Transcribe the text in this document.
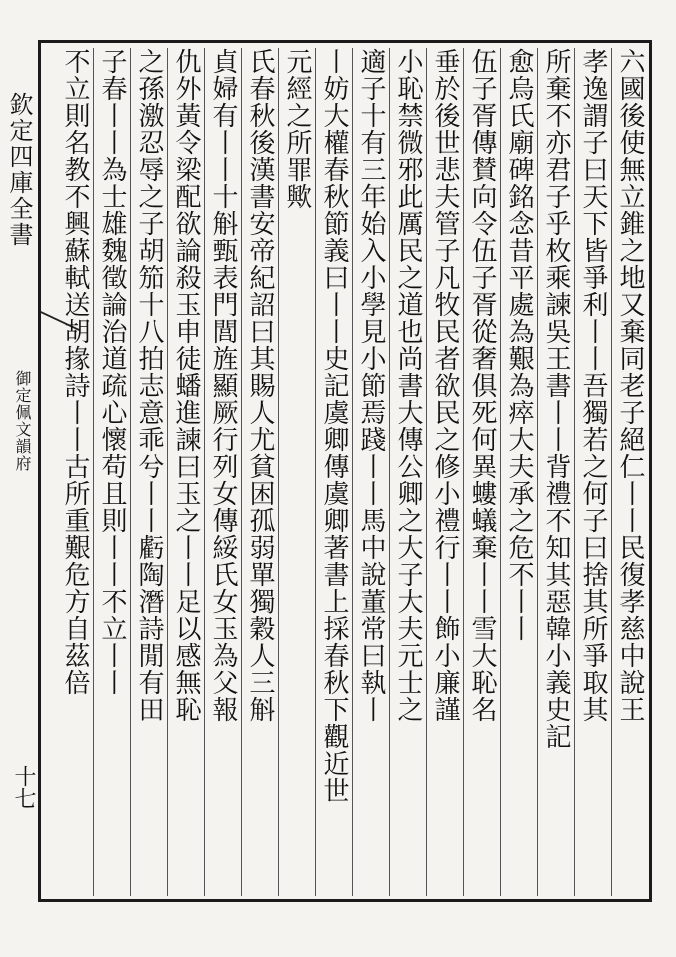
欽定四庫全書
御定佩文韻府
十七
六國後使無立錐之地又棄同老子絕仁丨丨民復孝慈中說王
孝逸謂子曰天下皆爭利丨丨吾獨若之何子曰捨其所爭取其
所棄不亦君子乎枚乘諫吳王書丨丨背禮不知其惡韓小義史記
愈烏氏廟碑銘念昔平處為艱為瘁大夫承之危不丨丨
伍子胥傳賛向令伍子胥從奢俱死何異螻蟻棄丨丨雪大恥名
垂於後世悲夫管子凡牧民者欲民之修小禮行丨丨飾小廉謹
小恥禁微邪此厲民之道也尚書大傳公卿之大子大夫元士之
適子十有三年始入小學見小節焉踐丨丨馬中說董常曰執丨
丨妨大權春秋節義曰丨丨史記虞卿傳虞卿著書上採春秋下觀近世
元經之所罪歟
氏春秋後漢書安帝紀詔曰其賜人尤貧困孤弱單獨穀人三斛
貞婦有丨丨十斛甄表門閭旌顯厥行列女傳綏氏女玉為父報
仇外黃令梁配欲論殺玉申徒蟠進諫曰玉之丨丨足以感無恥
之孫激忍辱之子胡笳十八拍志意乖兮丨丨虧陶潛詩閒有田
子春丨丨為士雄魏徵論治道疏心懷苟且則丨丨不立丨丨
不立則名教不興蘇軾送胡掾詩丨丨古所重艱危方自茲倍
